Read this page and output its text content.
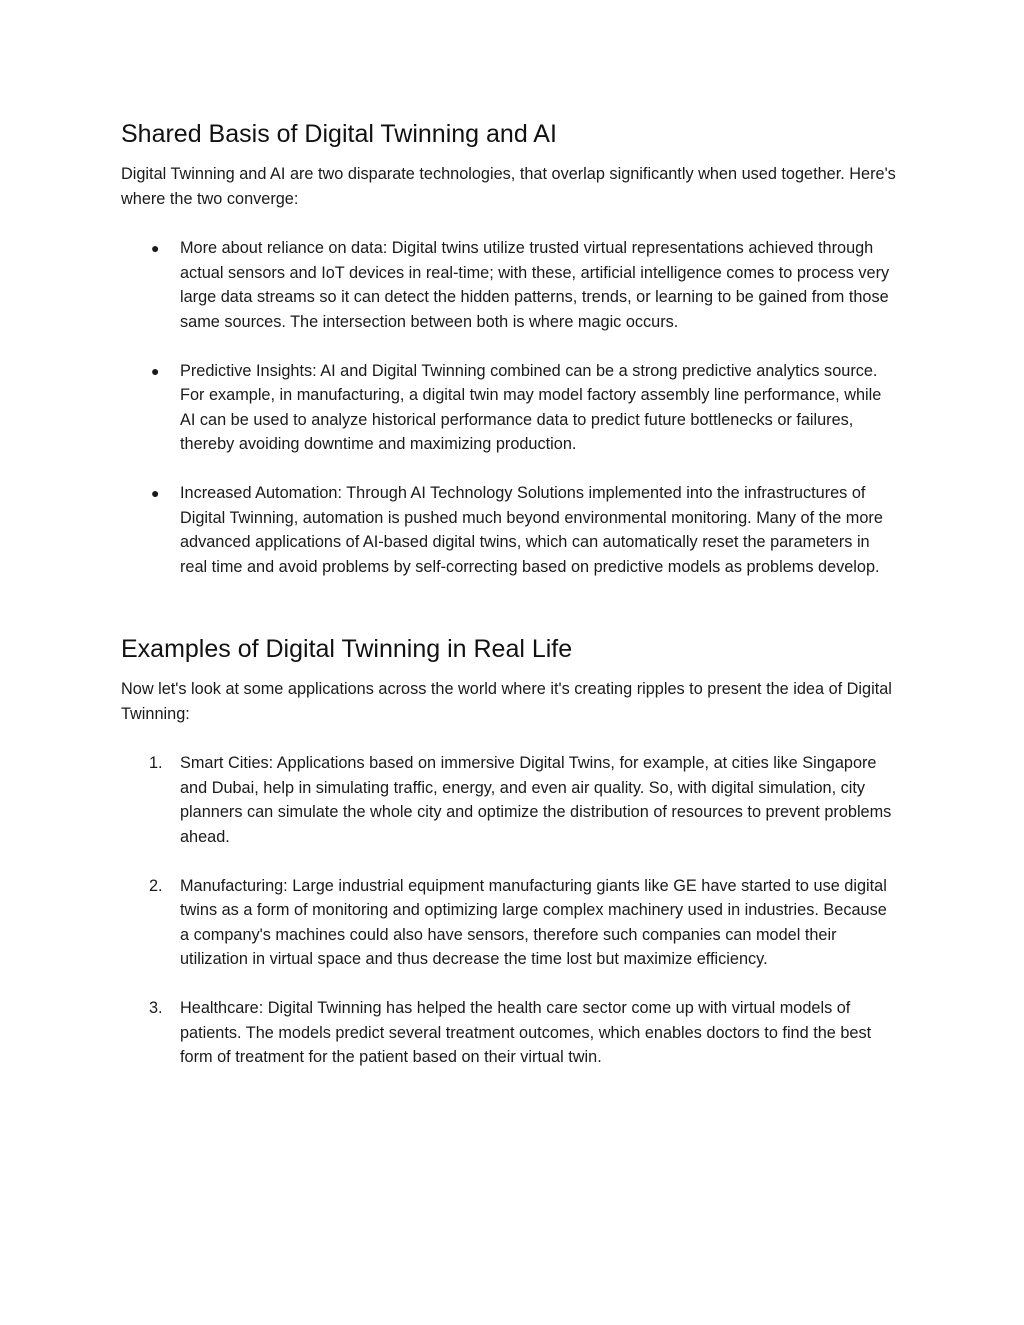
Shared Basis of Digital Twinning and AI

Digital Twinning and AI are two disparate technologies, that overlap significantly when used together. Here's where the two converge:

●	More about reliance on data: Digital twins utilize trusted virtual representations achieved through actual sensors and IoT devices in real-time; with these, artificial intelligence comes to process very large data streams so it can detect the hidden patterns, trends, or learning to be gained from those same sources. The intersection between both is where magic occurs.
●	Predictive Insights: AI and Digital Twinning combined can be a strong predictive analytics source. For example, in manufacturing, a digital twin may model factory assembly line performance, while AI can be used to analyze historical performance data to predict future bottlenecks or failures, thereby avoiding downtime and maximizing production.
●	Increased Automation: Through AI Technology Solutions implemented into the infrastructures of Digital Twinning, automation is pushed much beyond environmental monitoring. Many of the more advanced applications of AI-based digital twins, which can automatically reset the parameters in real time and avoid problems by self-correcting based on predictive models as problems develop.
Examples of Digital Twinning in Real Life

Now let's look at some applications across the world where it's creating ripples to present the idea of Digital Twinning:

1.	Smart Cities: Applications based on immersive Digital Twins, for example, at cities like Singapore and Dubai, help in simulating traffic, energy, and even air quality. So, with digital simulation, city planners can simulate the whole city and optimize the distribution of resources to prevent problems ahead.
2.	Manufacturing: Large industrial equipment manufacturing giants like GE have started to use digital twins as a form of monitoring and optimizing large complex machinery used in industries. Because a company's machines could also have sensors, therefore such companies can model their utilization in virtual space and thus decrease the time lost but maximize efficiency.
3.	Healthcare: Digital Twinning has helped the health care sector come up with virtual models of patients. The models predict several treatment outcomes, which enables doctors to find the best form of treatment for the patient based on their virtual twin.
